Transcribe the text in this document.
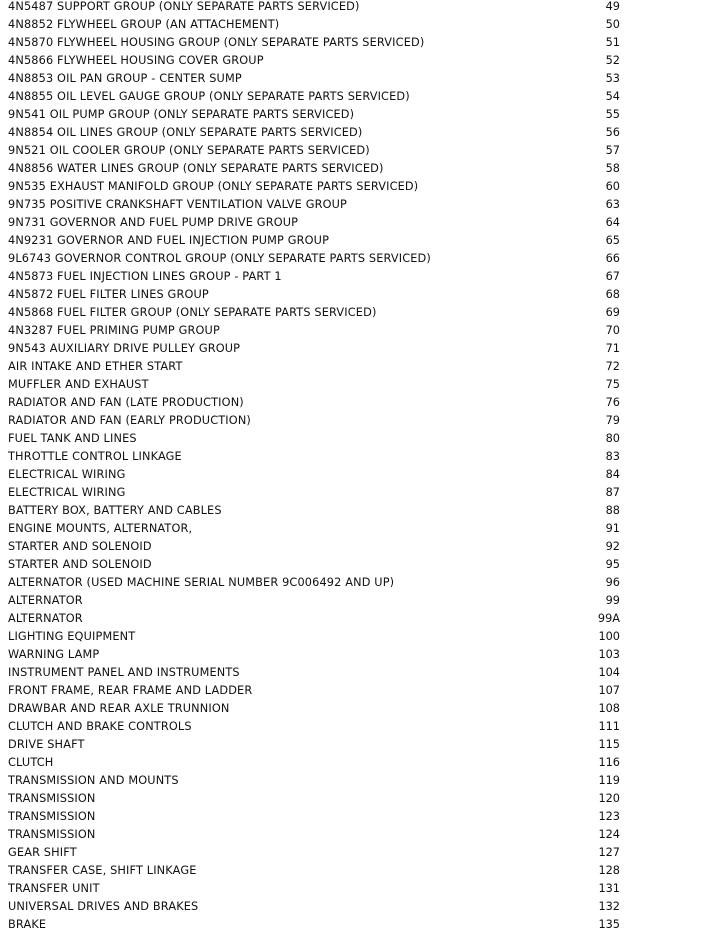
4N5487 SUPPORT GROUP (ONLY SEPARATE PARTS SERVICED)	49
4N8852 FLYWHEEL GROUP (AN ATTACHEMENT)	50
4N5870 FLYWHEEL HOUSING GROUP (ONLY SEPARATE PARTS SERVICED)	51
4N5866 FLYWHEEL HOUSING COVER GROUP	52
4N8853 OIL PAN GROUP - CENTER SUMP	53
4N8855 OIL LEVEL GAUGE GROUP (ONLY SEPARATE PARTS SERVICED)	54
9N541 OIL PUMP GROUP (ONLY SEPARATE PARTS SERVICED)	55
4N8854 OIL LINES GROUP (ONLY SEPARATE PARTS SERVICED)	56
9N521 OIL COOLER GROUP (ONLY SEPARATE PARTS SERVICED)	57
4N8856 WATER LINES GROUP (ONLY SEPARATE PARTS SERVICED)	58
9N535 EXHAUST MANIFOLD GROUP (ONLY SEPARATE PARTS SERVICED)	60
9N735 POSITIVE CRANKSHAFT VENTILATION VALVE GROUP	63
9N731 GOVERNOR AND FUEL PUMP DRIVE GROUP	64
4N9231 GOVERNOR AND FUEL INJECTION PUMP GROUP	65
9L6743 GOVERNOR CONTROL GROUP (ONLY SEPARATE PARTS SERVICED)	66
4N5873 FUEL INJECTION LINES GROUP - PART 1	67
4N5872 FUEL FILTER LINES GROUP	68
4N5868 FUEL FILTER GROUP (ONLY SEPARATE PARTS SERVICED)	69
4N3287 FUEL PRIMING PUMP GROUP	70
9N543 AUXILIARY DRIVE PULLEY GROUP	71
AIR INTAKE AND ETHER START	72
MUFFLER AND EXHAUST	75
RADIATOR AND FAN (LATE PRODUCTION)	76
RADIATOR AND FAN (EARLY PRODUCTION)	79
FUEL TANK AND LINES	80
THROTTLE CONTROL LINKAGE	83
ELECTRICAL WIRING	84
ELECTRICAL WIRING	87
BATTERY BOX, BATTERY AND CABLES	88
ENGINE MOUNTS, ALTERNATOR,	91
STARTER AND SOLENOID	92
STARTER AND SOLENOID	95
ALTERNATOR (USED MACHINE SERIAL NUMBER 9C006492 AND UP)	96
ALTERNATOR	99
ALTERNATOR	99A
LIGHTING EQUIPMENT	100
WARNING LAMP	103
INSTRUMENT PANEL AND INSTRUMENTS	104
FRONT FRAME, REAR FRAME AND LADDER	107
DRAWBAR AND REAR AXLE TRUNNION	108
CLUTCH AND BRAKE CONTROLS	111
DRIVE SHAFT	115
CLUTCH	116
TRANSMISSION AND MOUNTS	119
TRANSMISSION	120
TRANSMISSION	123
TRANSMISSION	124
GEAR SHIFT	127
TRANSFER CASE, SHIFT LINKAGE	128
TRANSFER UNIT	131
UNIVERSAL DRIVES AND BRAKES	132
BRAKE	135
